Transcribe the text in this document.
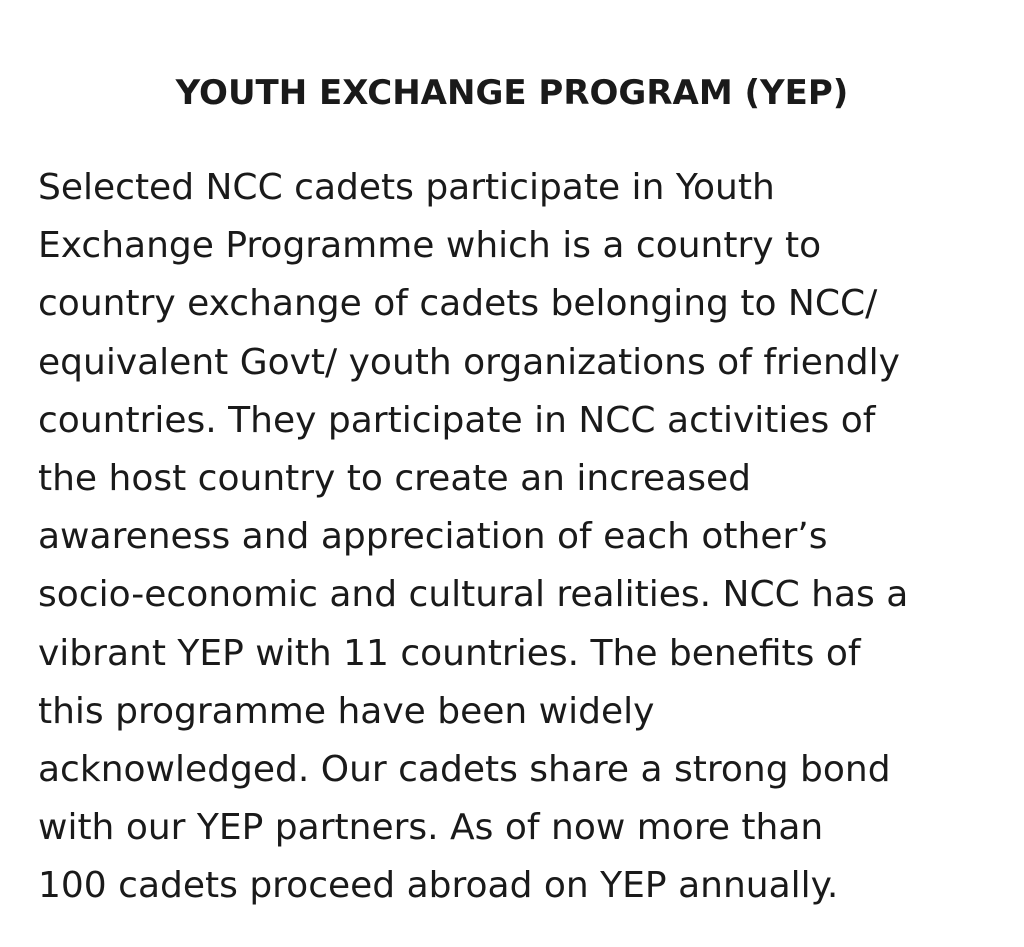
YOUTH EXCHANGE PROGRAM (YEP)

Selected NCC cadets participate in Youth
Exchange Programme which is a country to
country exchange of cadets belonging to NCC/
equivalent Govt/ youth organizations of friendly
countries. They participate in NCC activities of
the host country to create an increased
awareness and appreciation of each other’s
socio-economic and cultural realities. NCC has a
vibrant YEP with 11 countries. The benefits of
this programme have been widely
acknowledged. Our cadets share a strong bond
with our YEP partners. As of now more than
100 cadets proceed abroad on YEP annually.
